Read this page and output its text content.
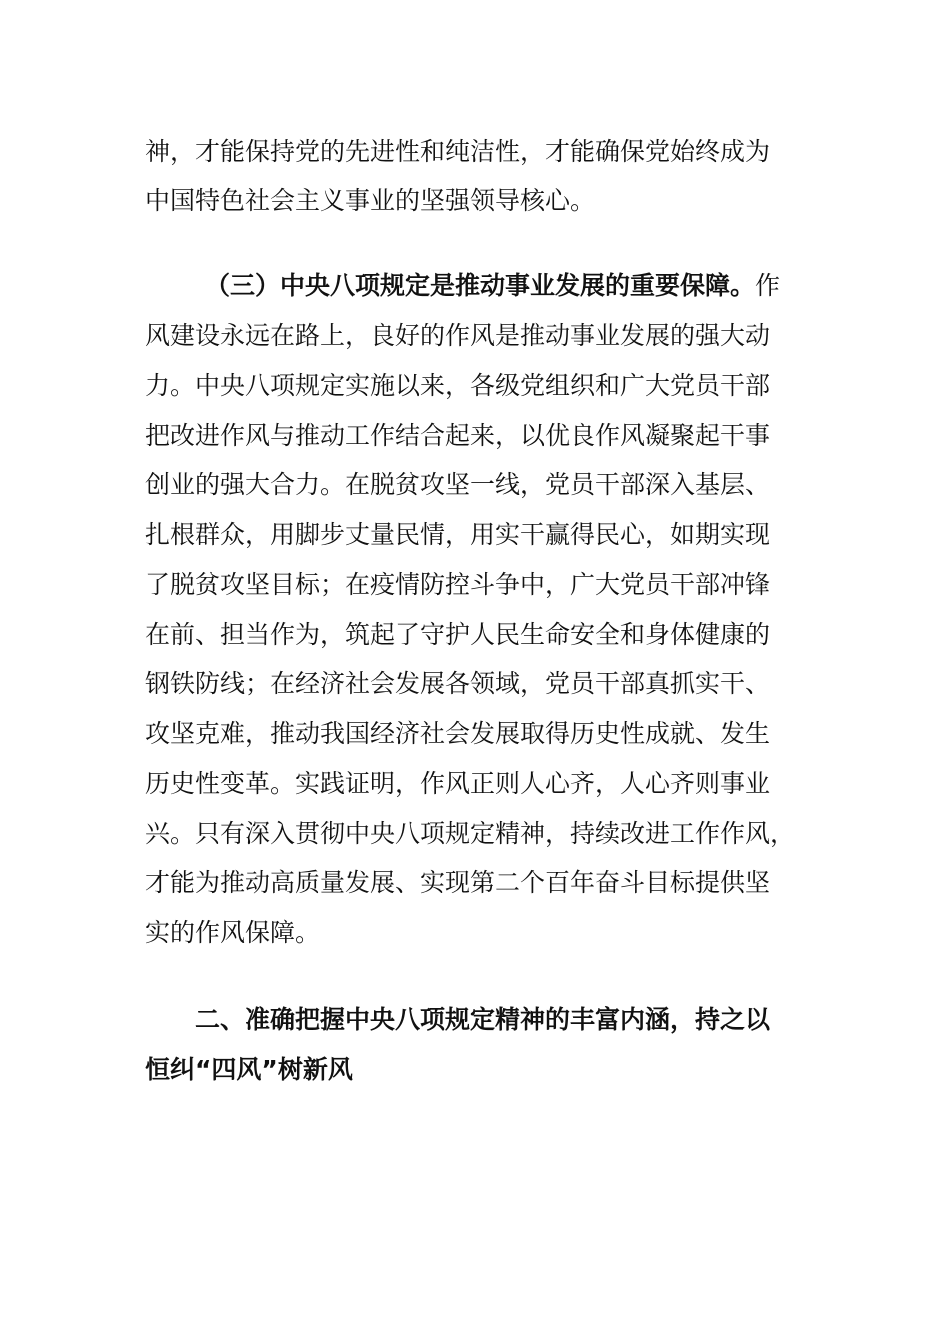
神，才能保持党的先进性和纯洁性，才能确保党始终成为
中国特色社会主义事业的坚强领导核心。
（三）中央八项规定是推动事业发展的重要保障。作
风建设永远在路上，良好的作风是推动事业发展的强大动
力。中央八项规定实施以来，各级党组织和广大党员干部
把改进作风与推动工作结合起来，以优良作风凝聚起干事
创业的强大合力。在脱贫攻坚一线，党员干部深入基层、
扎根群众，用脚步丈量民情，用实干赢得民心，如期实现
了脱贫攻坚目标；在疫情防控斗争中，广大党员干部冲锋
在前、担当作为，筑起了守护人民生命安全和身体健康的
钢铁防线；在经济社会发展各领域，党员干部真抓实干、
攻坚克难，推动我国经济社会发展取得历史性成就、发生
历史性变革。实践证明，作风正则人心齐，人心齐则事业
兴。只有深入贯彻中央八项规定精神，持续改进工作作风，
才能为推动高质量发展、实现第二个百年奋斗目标提供坚
实的作风保障。
二、准确把握中央八项规定精神的丰富内涵，持之以
恒纠“四风”树新风
